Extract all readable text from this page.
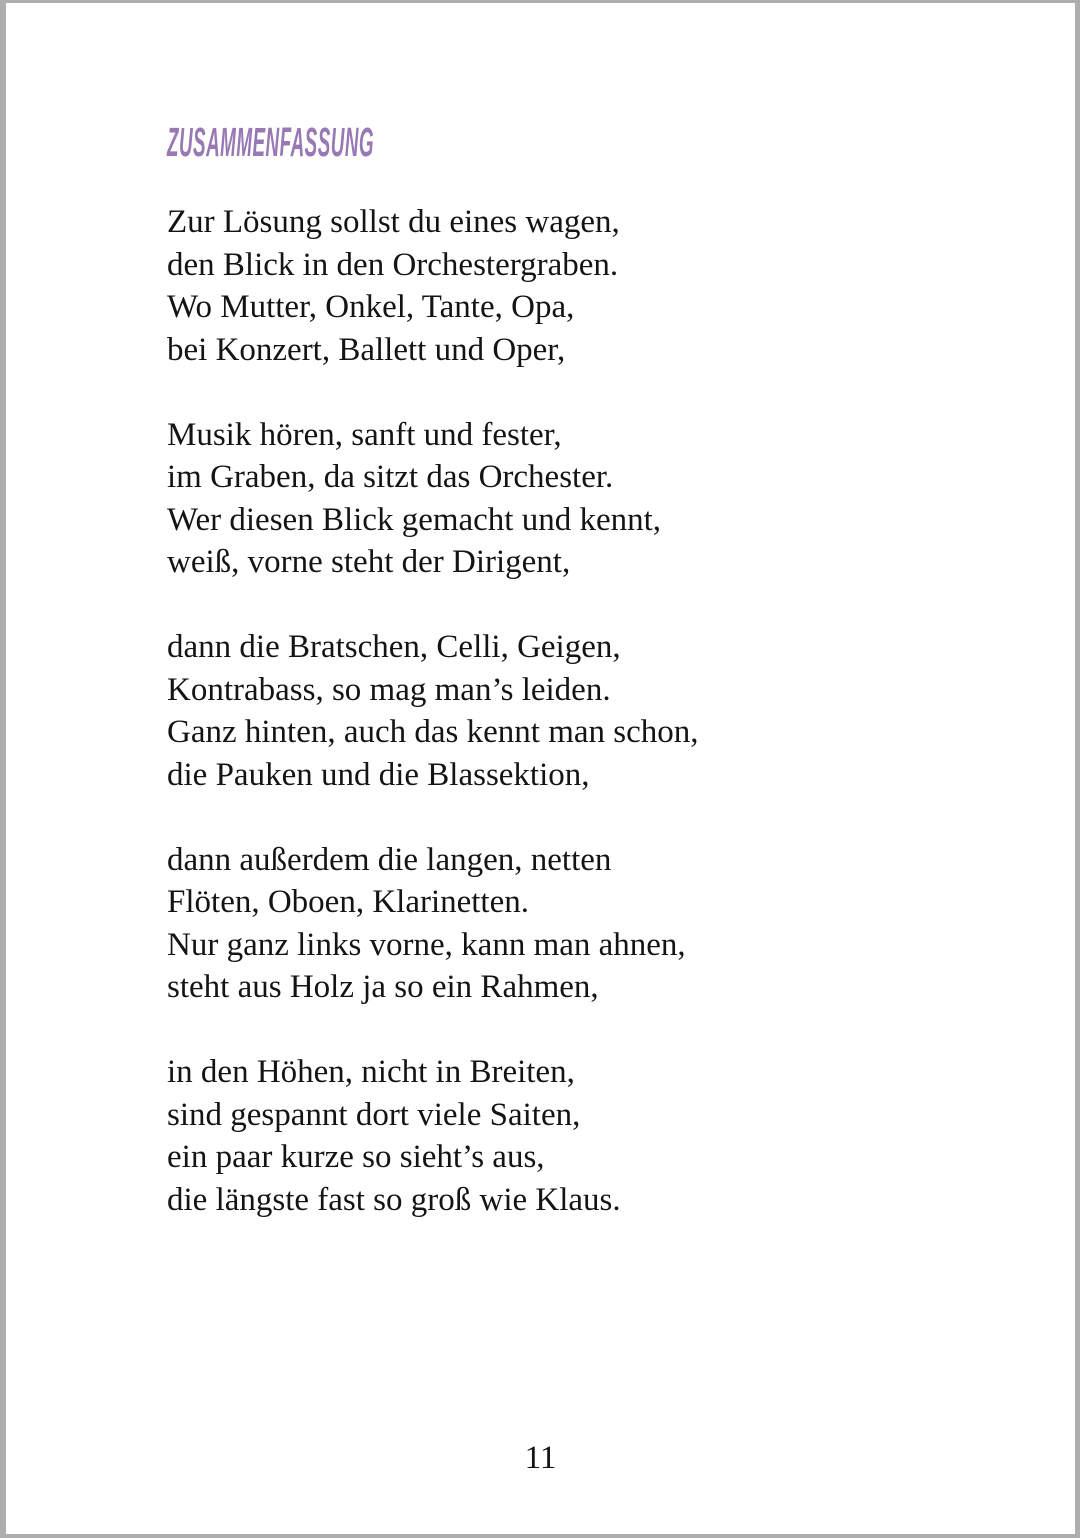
ZUSAMMENFASSUNG

Zur Lösung sollst du eines wagen,
den Blick in den Orchestergraben.
Wo Mutter, Onkel, Tante, Opa,
bei Konzert, Ballett und Oper,

Musik hören, sanft und fester,
im Graben, da sitzt das Orchester.
Wer diesen Blick gemacht und kennt,
weiß, vorne steht der Dirigent,

dann die Bratschen, Celli, Geigen,
Kontrabass, so mag man’s leiden.
Ganz hinten, auch das kennt man schon,
die Pauken und die Blassektion,

dann außerdem die langen, netten
Flöten, Oboen, Klarinetten.
Nur ganz links vorne, kann man ahnen,
steht aus Holz ja so ein Rahmen,

in den Höhen, nicht in Breiten,
sind gespannt dort viele Saiten,
ein paar kurze so sieht’s aus,
die längste fast so groß wie Klaus.

11
